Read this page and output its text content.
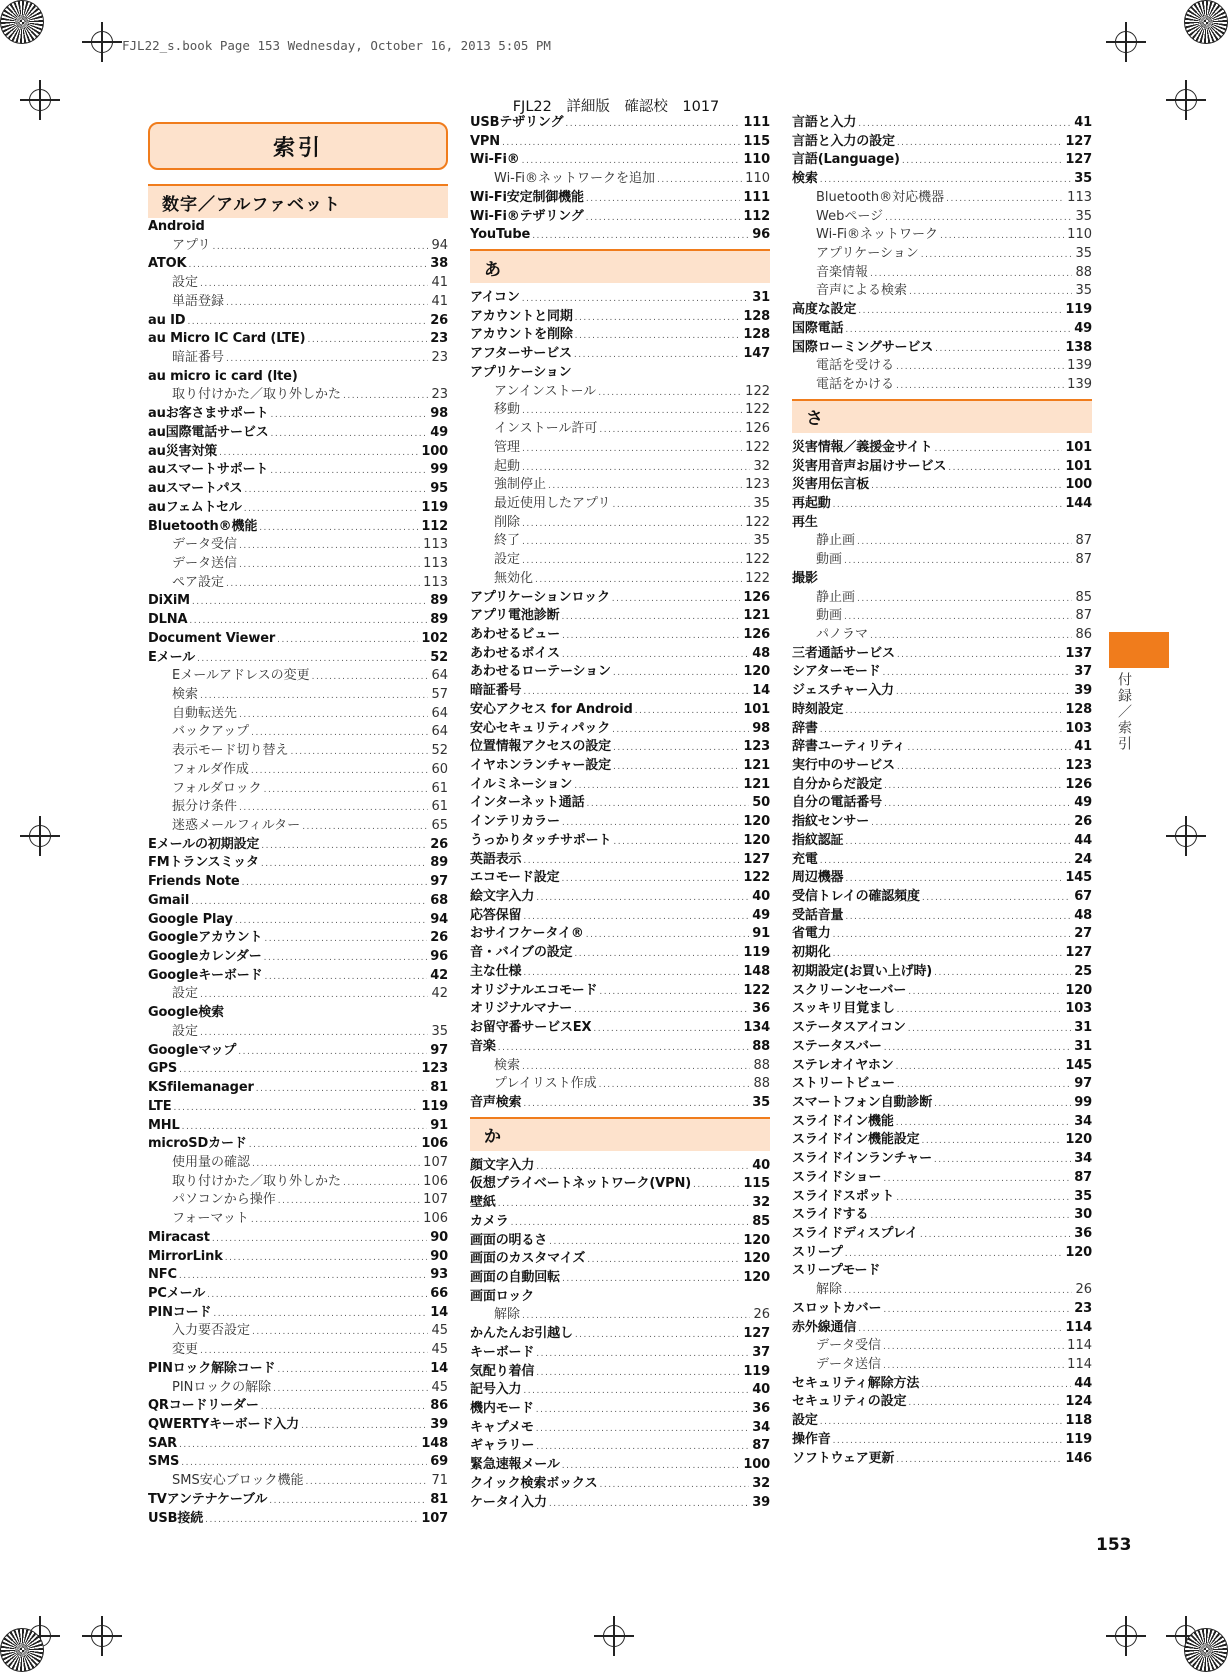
FJL22_s.book Page 153 Wednesday, October 16, 2013 5:05 PM
FJL22　詳細版　確認校　1017
索引
数字／アルファベット
Android
アプリ .....	94
ATOK .....	38
設定 .....	41
単語登録 .....	41
au ID .....	26
au Micro IC Card (LTE) .....	23
暗証番号 .....	23
au micro ic card (lte)
取り付けかた／取り外しかた .....	23
auお客さまサポート .....	98
au国際電話サービス .....	49
au災害対策 .....	100
auスマートサポート .....	99
auスマートパス .....	95
auフェムトセル .....	119
Bluetooth®機能 .....	112
データ受信 .....	113
データ送信 .....	113
ペア設定 .....	113
DiXiM .....	89
DLNA .....	89
Document Viewer .....	102
Eメール .....	52
Eメールアドレスの変更 .....	64
検索 .....	57
自動転送先 .....	64
バックアップ .....	64
表示モード切り替え .....	52
フォルダ作成 .....	60
フォルダロック .....	61
振分け条件 .....	61
迷惑メールフィルター .....	65
Eメールの初期設定 .....	26
FMトランスミッタ .....	89
Friends Note .....	97
Gmail .....	68
Google Play .....	94
Googleアカウント .....	26
Googleカレンダー .....	96
Googleキーボード .....	42
設定 .....	42
Google検索
設定 .....	35
Googleマップ .....	97
GPS .....	123
KSfilemanager .....	81
LTE .....	119
MHL .....	91
microSDカード .....	106
使用量の確認 .....	107
取り付けかた／取り外しかた .....	106
パソコンから操作 .....	107
フォーマット .....	106
Miracast .....	90
MirrorLink .....	90
NFC .....	93
PCメール .....	66
PINコード .....	14
入力要否設定 .....	45
変更 .....	45
PINロック解除コード .....	14
PINロックの解除 .....	45
QRコードリーダー .....	86
QWERTYキーボード入力 .....	39
SAR .....	148
SMS .....	69
SMS安心ブロック機能 .....	71
TVアンテナケーブル .....	81
USB接続 .....	107
USBテザリング .....	111
VPN .....	115
Wi-Fi® .....	110
Wi-Fi®ネットワークを追加 .....	110
Wi-Fi安定制御機能 .....	111
Wi-Fi®テザリング .....	112
YouTube .....	96
あ
アイコン .....	31
アカウントと同期 .....	128
アカウントを削除 .....	128
アフターサービス .....	147
アプリケーション
アンインストール .....	122
移動 .....	122
インストール許可 .....	126
管理 .....	122
起動 .....	32
強制停止 .....	123
最近使用したアプリ .....	35
削除 .....	122
終了 .....	35
設定 .....	122
無効化 .....	122
アプリケーションロック .....	126
アプリ電池診断 .....	121
あわせるビュー .....	126
あわせるボイス .....	48
あわせるローテーション .....	120
暗証番号 .....	14
安心アクセス for Android .....	101
安心セキュリティパック .....	98
位置情報アクセスの設定 .....	123
イヤホンランチャー設定 .....	121
イルミネーション .....	121
インターネット通話 .....	50
インテリカラー .....	120
うっかりタッチサポート .....	120
英語表示 .....	127
エコモード設定 .....	122
絵文字入力 .....	40
応答保留 .....	49
おサイフケータイ® .....	91
音・バイブの設定 .....	119
主な仕様 .....	148
オリジナルエコモード .....	122
オリジナルマナー .....	36
お留守番サービスEX .....	134
音楽 .....	88
検索 .....	88
プレイリスト作成 .....	88
音声検索 .....	35
か
顔文字入力 .....	40
仮想プライベートネットワーク(VPN) .....	115
壁紙 .....	32
カメラ .....	85
画面の明るさ .....	120
画面のカスタマイズ .....	120
画面の自動回転 .....	120
画面ロック
解除 .....	26
かんたんお引越し .....	127
キーボード .....	37
気配り着信 .....	119
記号入力 .....	40
機内モード .....	36
キャプメモ .....	34
ギャラリー .....	87
緊急速報メール .....	100
クイック検索ボックス .....	32
ケータイ入力 .....	39
言語と入力 .....	41
言語と入力の設定 .....	127
言語(Language) .....	127
検索 .....	35
Bluetooth®対応機器 .....	113
Webページ .....	35
Wi-Fi®ネットワーク .....	110
アプリケーション .....	35
音楽情報 .....	88
音声による検索 .....	35
高度な設定 .....	119
国際電話 .....	49
国際ローミングサービス .....	138
電話を受ける .....	139
電話をかける .....	139
さ
災害情報／義援金サイト .....	101
災害用音声お届けサービス .....	101
災害用伝言板 .....	100
再起動 .....	144
再生
静止画 .....	87
動画 .....	87
撮影
静止画 .....	85
動画 .....	87
パノラマ .....	86
三者通話サービス .....	137
シアターモード .....	37
ジェスチャー入力 .....	39
時刻設定 .....	128
辞書 .....	103
辞書ユーティリティ .....	41
実行中のサービス .....	123
自分からだ設定 .....	126
自分の電話番号 .....	49
指紋センサー .....	26
指紋認証 .....	44
充電 .....	24
周辺機器 .....	145
受信トレイの確認頻度 .....	67
受話音量 .....	48
省電力 .....	27
初期化 .....	127
初期設定(お買い上げ時) .....	25
スクリーンセーバー .....	120
スッキリ目覚まし .....	103
ステータスアイコン .....	31
ステータスバー .....	31
ステレオイヤホン .....	145
ストリートビュー .....	97
スマートフォン自動診断 .....	99
スライドイン機能 .....	34
スライドイン機能設定 .....	120
スライドインランチャー .....	34
スライドショー .....	87
スライドスポット .....	35
スライドする .....	30
スライドディスプレイ .....	36
スリープ .....	120
スリープモード
解除 .....	26
スロットカバー .....	23
赤外線通信 .....	114
データ受信 .....	114
データ送信 .....	114
セキュリティ解除方法 .....	44
セキュリティの設定 .....	124
設定 .....	118
操作音 .....	119
ソフトウェア更新 .....	146
付録／索引
153
